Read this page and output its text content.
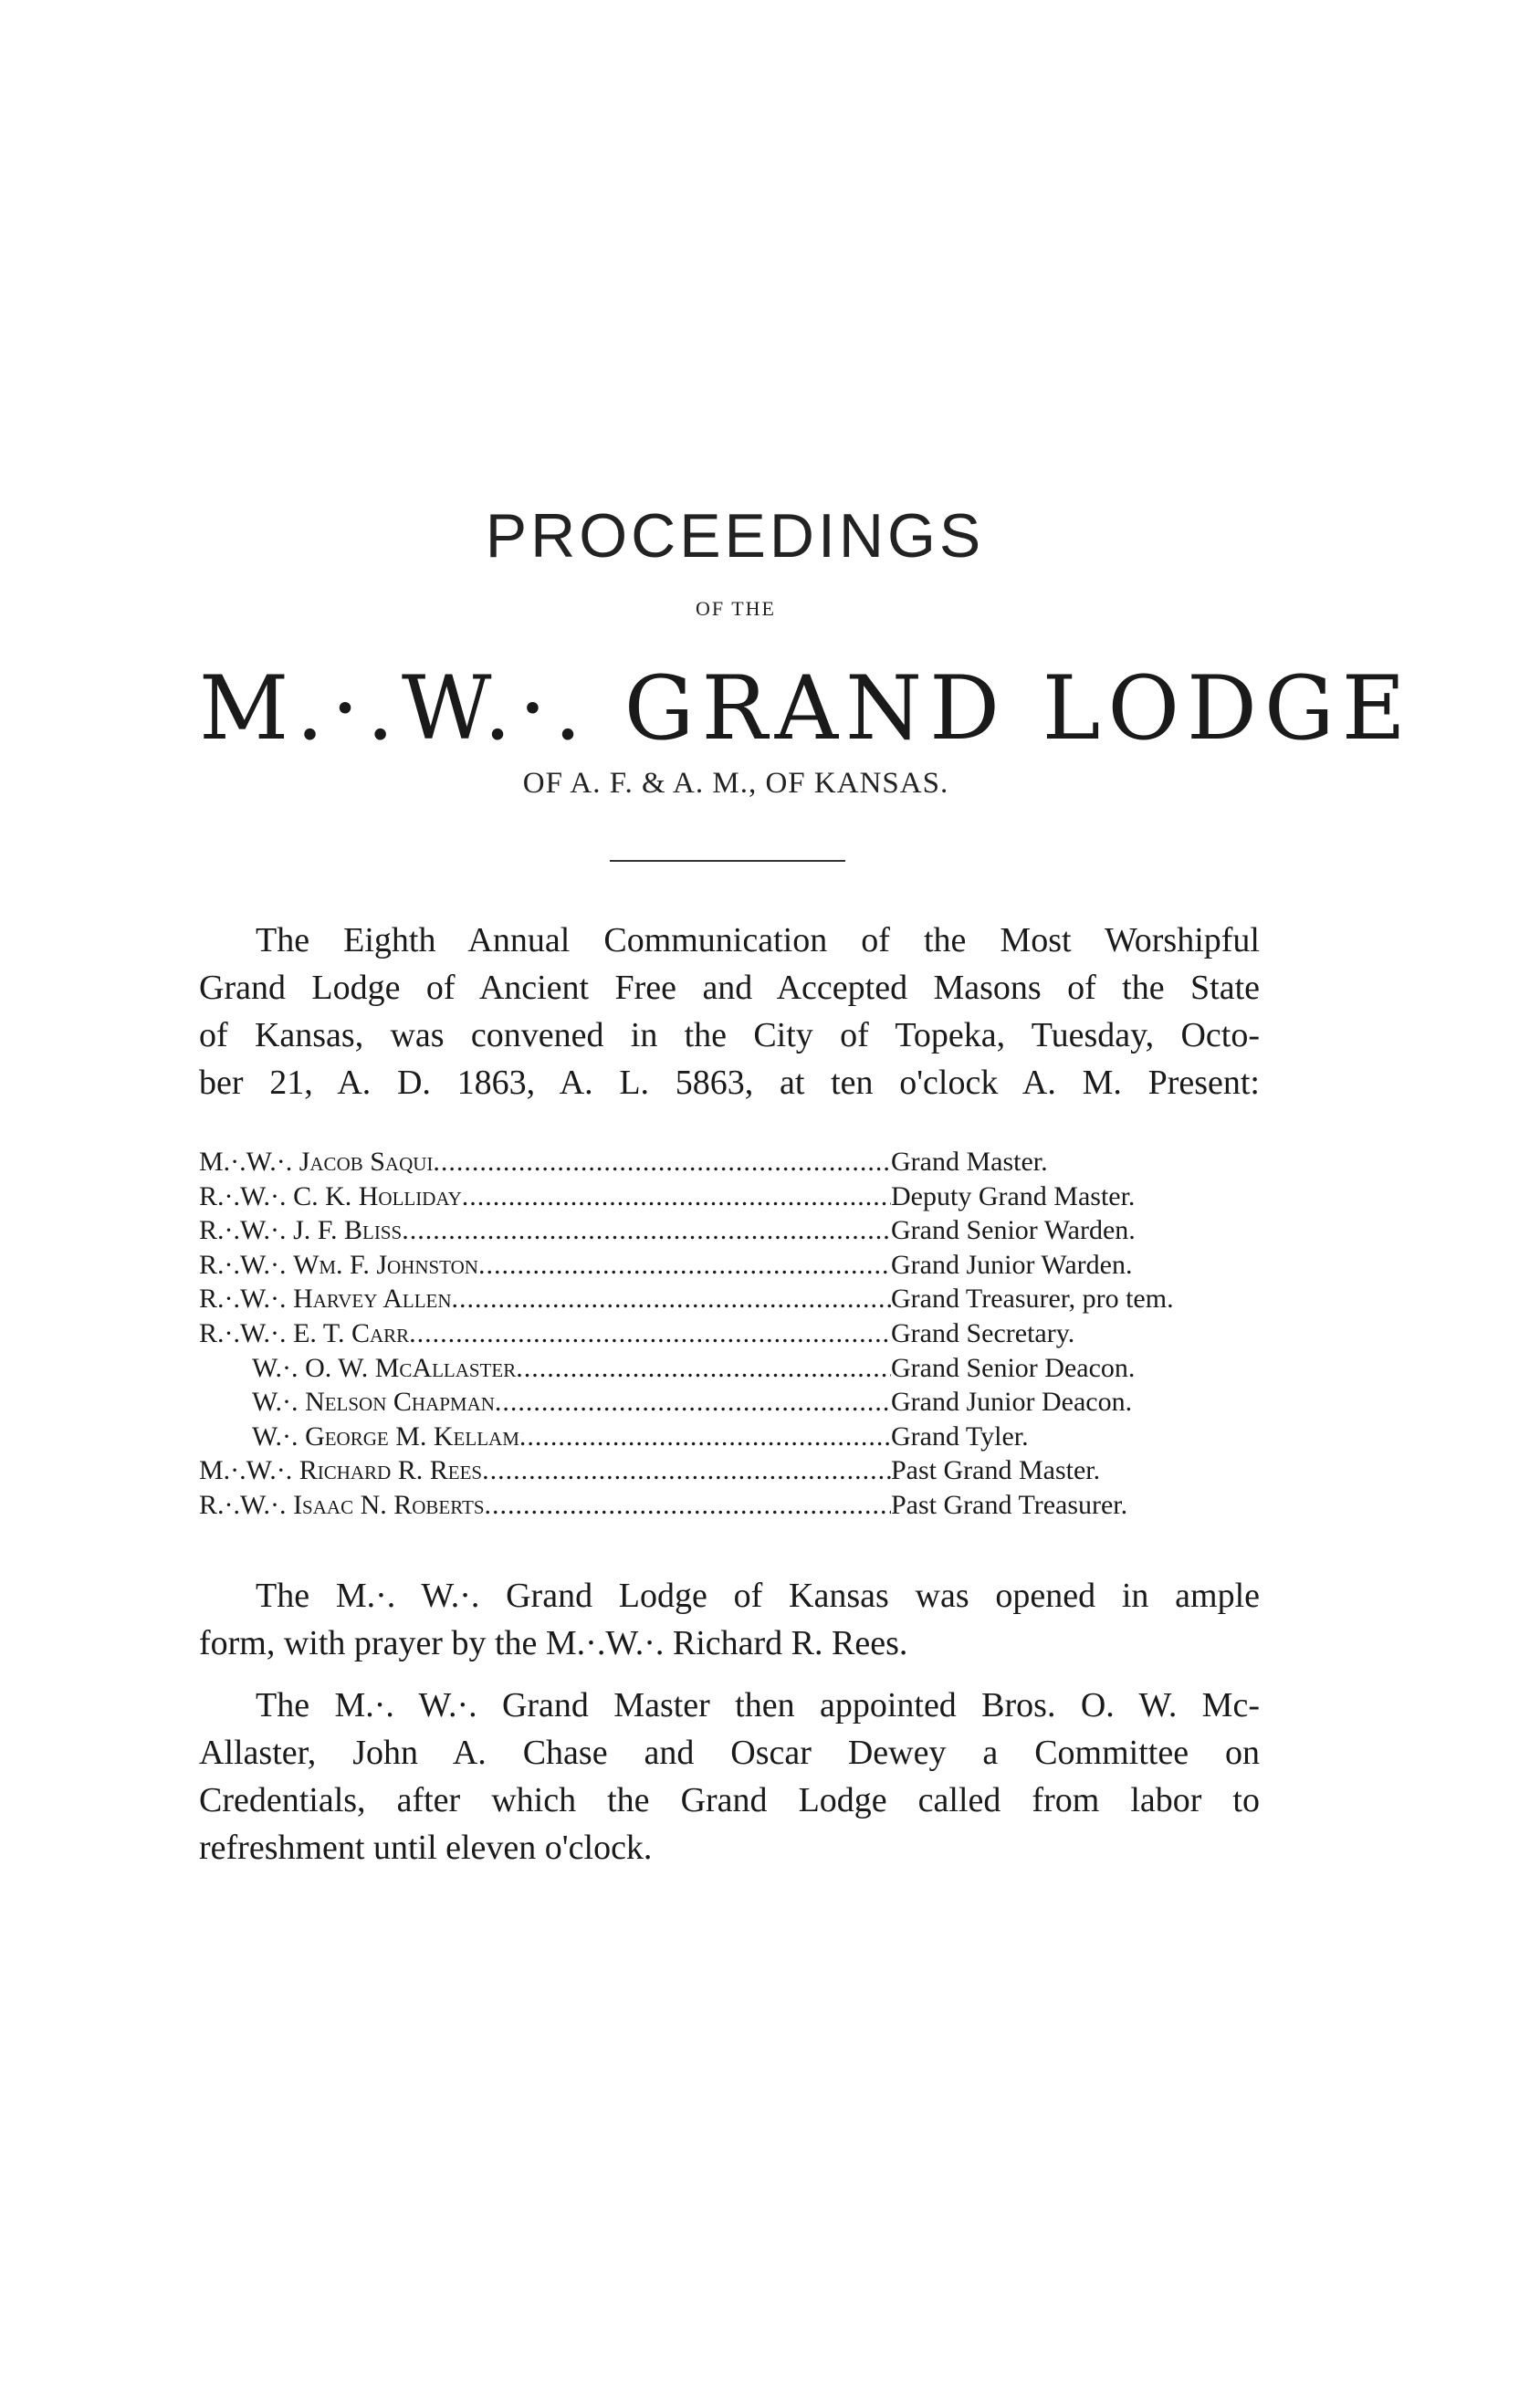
PROCEEDINGS
OF THE
M.·.W.·. GRAND LODGE
OF A. F. & A. M., OF KANSAS.
The Eighth Annual Communication of the Most Worshipful
Grand Lodge of Ancient Free and Accepted Masons of the State
of Kansas, was convened in the City of Topeka, Tuesday, Octo-
ber 21, A. D. 1863, A. L. 5863, at ten o'clock A. M. Present:
M.·.W.·. Jacob Saqui .....	Grand Master.
R.·.W.·. C. K. Holliday .....	Deputy Grand Master.
R.·.W.·. J. F. Bliss .....	Grand Senior Warden.
R.·.W.·. Wm. F. Johnston .....	Grand Junior Warden.
R.·.W.·. Harvey Allen .....	Grand Treasurer, pro tem.
R.·.W.·. E. T. Carr .....	Grand Secretary.
W.·. O. W. McAllaster .....	Grand Senior Deacon.
W.·. Nelson Chapman .....	Grand Junior Deacon.
W.·. George M. Kellam .....	Grand Tyler.
M.·.W.·. Richard R. Rees .....	Past Grand Master.
R.·.W.·. Isaac N. Roberts .....	Past Grand Treasurer.
The M.·. W.·. Grand Lodge of Kansas was opened in ample
form, with prayer by the M.·.W.·. Richard R. Rees.
The M.·. W.·. Grand Master then appointed Bros. O. W. Mc-
Allaster, John A. Chase and Oscar Dewey a Committee on
Credentials, after which the Grand Lodge called from labor to
refreshment until eleven o'clock.
